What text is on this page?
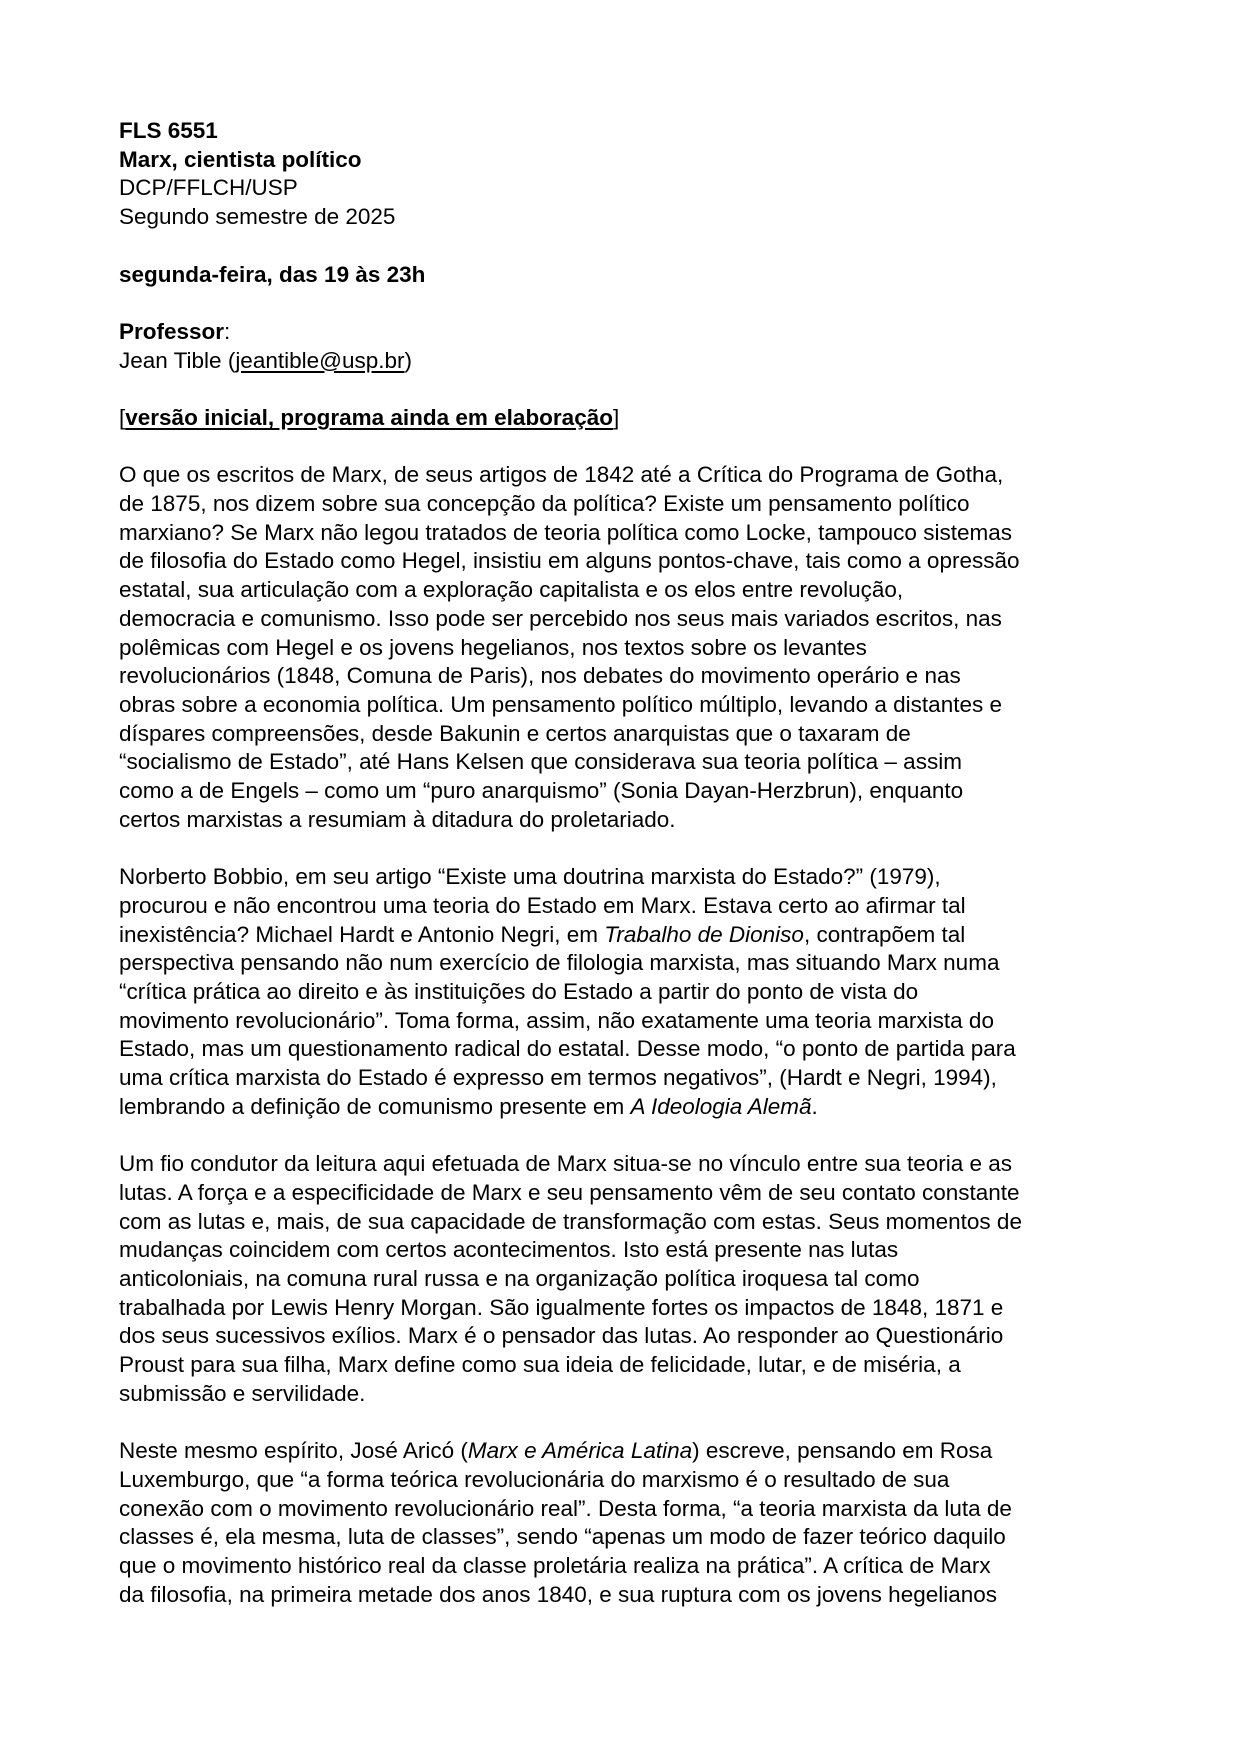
FLS 6551
Marx, cientista político
DCP/FFLCH/USP
Segundo semestre de 2025
segunda-feira, das 19 às 23h
Professor:
Jean Tible (jeantible@usp.br)
[versão inicial, programa ainda em elaboração]

O que os escritos de Marx, de seus artigos de 1842 até a Crítica do Programa de Gotha,
de 1875, nos dizem sobre sua concepção da política? Existe um pensamento político
marxiano? Se Marx não legou tratados de teoria política como Locke, tampouco sistemas
de filosofia do Estado como Hegel, insistiu em alguns pontos-chave, tais como a opressão
estatal, sua articulação com a exploração capitalista e os elos entre revolução,
democracia e comunismo. Isso pode ser percebido nos seus mais variados escritos, nas
polêmicas com Hegel e os jovens hegelianos, nos textos sobre os levantes
revolucionários (1848, Comuna de Paris), nos debates do movimento operário e nas
obras sobre a economia política. Um pensamento político múltiplo, levando a distantes e
díspares compreensões, desde Bakunin e certos anarquistas que o taxaram de
“socialismo de Estado”, até Hans Kelsen que considerava sua teoria política – assim
como a de Engels – como um “puro anarquismo” (Sonia Dayan-Herzbrun), enquanto
certos marxistas a resumiam à ditadura do proletariado.

Norberto Bobbio, em seu artigo “Existe uma doutrina marxista do Estado?” (1979),
procurou e não encontrou uma teoria do Estado em Marx. Estava certo ao afirmar tal
inexistência? Michael Hardt e Antonio Negri, em Trabalho de Dioniso, contrapõem tal
perspectiva pensando não num exercício de filologia marxista, mas situando Marx numa
“crítica prática ao direito e às instituições do Estado a partir do ponto de vista do
movimento revolucionário”. Toma forma, assim, não exatamente uma teoria marxista do
Estado, mas um questionamento radical do estatal. Desse modo, “o ponto de partida para
uma crítica marxista do Estado é expresso em termos negativos”, (Hardt e Negri, 1994),
lembrando a definição de comunismo presente em A Ideologia Alemã.

Um fio condutor da leitura aqui efetuada de Marx situa-se no vínculo entre sua teoria e as
lutas. A força e a especificidade de Marx e seu pensamento vêm de seu contato constante
com as lutas e, mais, de sua capacidade de transformação com estas. Seus momentos de
mudanças coincidem com certos acontecimentos. Isto está presente nas lutas
anticoloniais, na comuna rural russa e na organização política iroquesa tal como
trabalhada por Lewis Henry Morgan. São igualmente fortes os impactos de 1848, 1871 e
dos seus sucessivos exílios. Marx é o pensador das lutas. Ao responder ao Questionário
Proust para sua filha, Marx define como sua ideia de felicidade, lutar, e de miséria, a
submissão e servilidade.

Neste mesmo espírito, José Aricó (Marx e América Latina) escreve, pensando em Rosa
Luxemburgo, que “a forma teórica revolucionária do marxismo é o resultado de sua
conexão com o movimento revolucionário real”. Desta forma, “a teoria marxista da luta de
classes é, ela mesma, luta de classes”, sendo “apenas um modo de fazer teórico daquilo
que o movimento histórico real da classe proletária realiza na prática”. A crítica de Marx
da filosofia, na primeira metade dos anos 1840, e sua ruptura com os jovens hegelianos
